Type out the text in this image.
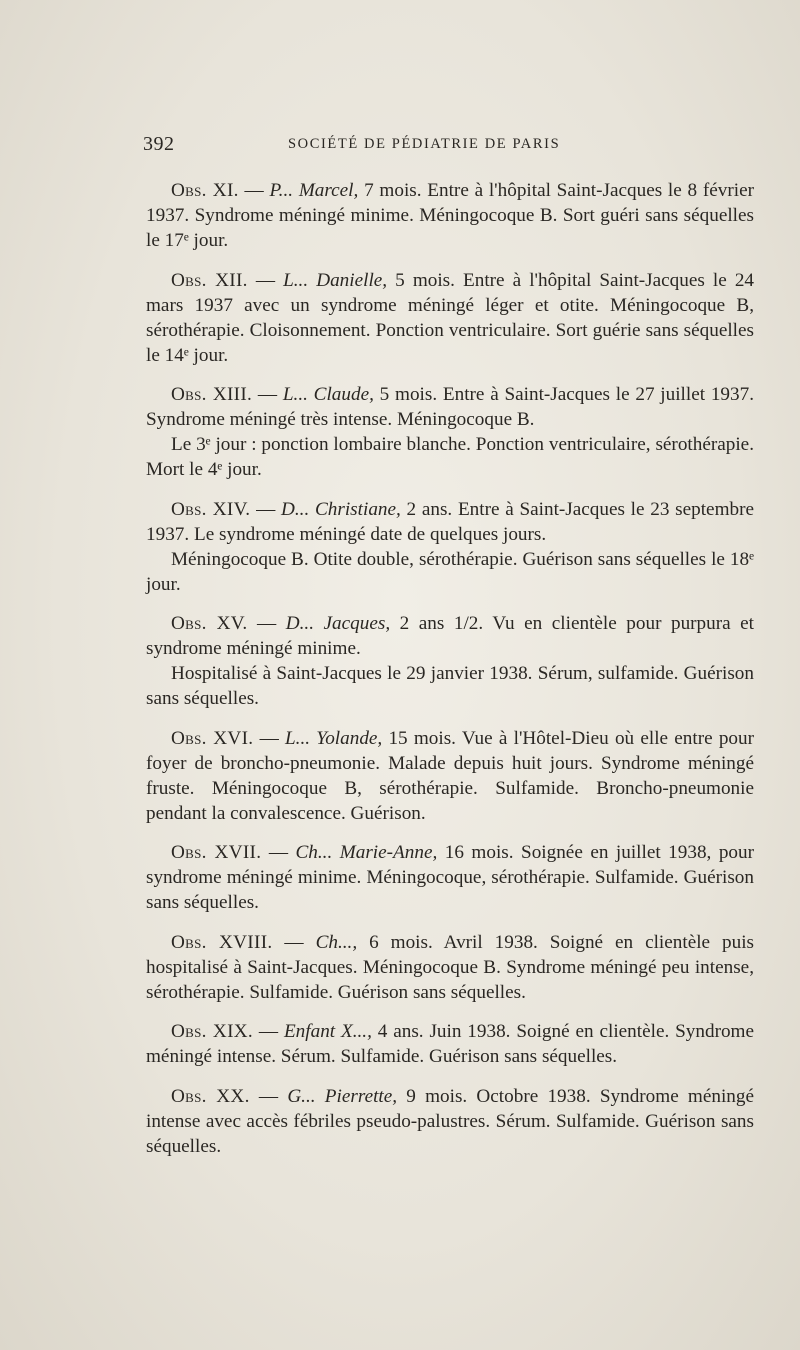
392	SOCIÉTÉ DE PÉDIATRIE DE PARIS

Obs. XI. — P... Marcel, 7 mois. Entre à l'hôpital Saint-Jacques le 8 février 1937. Syndrome méningé minime. Méningocoque B. Sort guéri sans séquelles le 17ᵉ jour.

Obs. XII. — L... Danielle, 5 mois. Entre à l'hôpital Saint-Jacques le 24 mars 1937 avec un syndrome méningé léger et otite. Méningocoque B, sérothérapie. Cloisonnement. Ponction ventriculaire. Sort guérie sans séquelles le 14ᵉ jour.

Obs. XIII. — L... Claude, 5 mois. Entre à Saint-Jacques le 27 juillet 1937. Syndrome méningé très intense. Méningocoque B.

Le 3ᵉ jour : ponction lombaire blanche. Ponction ventriculaire, sérothérapie. Mort le 4ᵉ jour.

Obs. XIV. — D... Christiane, 2 ans. Entre à Saint-Jacques le 23 septembre 1937. Le syndrome méningé date de quelques jours.

Méningocoque B. Otite double, sérothérapie. Guérison sans séquelles le 18ᵉ jour.

Obs. XV. — D... Jacques, 2 ans 1/2. Vu en clientèle pour purpura et syndrome méningé minime.

Hospitalisé à Saint-Jacques le 29 janvier 1938. Sérum, sulfamide. Guérison sans séquelles.

Obs. XVI. — L... Yolande, 15 mois. Vue à l'Hôtel-Dieu où elle entre pour foyer de broncho-pneumonie. Malade depuis huit jours. Syndrome méningé fruste. Méningocoque B, sérothérapie. Sulfamide. Broncho-pneumonie pendant la convalescence. Guérison.

Obs. XVII. — Ch... Marie-Anne, 16 mois. Soignée en juillet 1938, pour syndrome méningé minime. Méningocoque, sérothérapie. Sulfamide. Guérison sans séquelles.

Obs. XVIII. — Ch..., 6 mois. Avril 1938. Soigné en clientèle puis hospitalisé à Saint-Jacques. Méningocoque B. Syndrome méningé peu intense, sérothérapie. Sulfamide. Guérison sans séquelles.

Obs. XIX. — Enfant X..., 4 ans. Juin 1938. Soigné en clientèle. Syndrome méningé intense. Sérum. Sulfamide. Guérison sans séquelles.

Obs. XX. — G... Pierrette, 9 mois. Octobre 1938. Syndrome méningé intense avec accès fébriles pseudo-palustres. Sérum. Sulfamide. Guérison sans séquelles.
